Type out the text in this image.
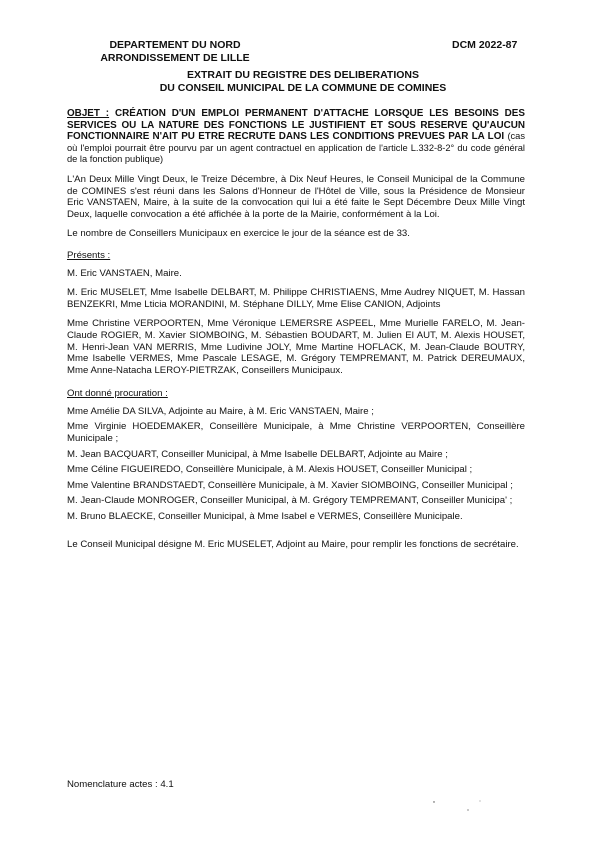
DEPARTEMENT DU NORD
ARRONDISSEMENT DE LILLE
DCM 2022-87
EXTRAIT DU REGISTRE DES DELIBERATIONS
DU CONSEIL MUNICIPAL DE LA COMMUNE DE COMINES

OBJET : CRÉATION D'UN EMPLOI PERMANENT D'ATTACHE LORSQUE LES BESOINS DES SERVICES OU LA NATURE DES FONCTIONS LE JUSTIFIENT ET SOUS RESERVE QU'AUCUN FONCTIONNAIRE N'AIT PU ETRE RECRUTE DANS LES CONDITIONS PREVUES PAR LA LOI (cas où l'emploi pourrait être pourvu par un agent contractuel en application de l'article L.332-8-2° du code général de la fonction publique)

L'An Deux Mille Vingt Deux, le Treize Décembre, à Dix Neuf Heures, le Conseil Municipal de la Commune de COMINES s'est réuni dans les Salons d'Honneur de l'Hôtel de Ville, sous la Présidence de Monsieur Eric VANSTAEN, Maire, à la suite de la convocation qui lui a été faite le Sept Décembre Deux Mille Vingt Deux, laquelle convocation a été affichée à la porte de la Mairie, conformément à la Loi.

Le nombre de Conseillers Municipaux en exercice le jour de la séance est de 33.

Présents :

M. Eric VANSTAEN, Maire.

M. Eric MUSELET, Mme Isabelle DELBART, M. Philippe CHRISTIAENS, Mme Audrey NIQUET, M. Hassan BENZEKRI, Mme Lticia MORANDINI, M. Stéphane DILLY, Mme Elise CANION, Adjoints

Mme Christine VERPOORTEN, Mme Véronique LEMERSRE ASPEEL, Mme Murielle FARELO, M. Jean-Claude ROGIER, M. Xavier SIOMBOING, M. Sébastien BOUDART, M. Julien El AUT, M. Alexis HOUSET, M. Henri-Jean VAN MERRIS, Mme Ludivine JOLY, Mme Martine HOFLACK, M. Jean-Claude BOUTRY, Mme Isabelle VERMES, Mme Pascale LESAGE, M. Grégory TEMPREMANT, M. Patrick DEREUMAUX, Mme Anne-Natacha LEROY-PIETRZAK, Conseillers Municipaux.

Ont donné procuration :

Mme Amélie DA SILVA, Adjointe au Maire, à M. Eric VANSTAEN, Maire ;

Mme Virginie HOEDEMAKER, Conseillère Municipale, à Mme Christine VERPOORTEN, Conseillère Municipale ;

M. Jean BACQUART, Conseiller Municipal, à Mme Isabelle DELBART, Adjointe au Maire ;

Mme Céline FIGUEIREDO, Conseillère Municipale, à M. Alexis HOUSET, Conseiller Municipal ;

Mme Valentine BRANDSTAEDT, Conseillère Municipale, à M. Xavier SIOMBOING, Conseiller Municipal ;

M. Jean-Claude MONROGER, Conseiller Municipal, à M. Grégory TEMPREMANT, Conseiller Municipa' ;

M. Bruno BLAECKE, Conseiller Municipal, à Mme Isabel e VERMES, Conseillère Municipale.

Le Conseil Municipal désigne M. Eric MUSELET, Adjoint au Maire, pour remplir les fonctions de secrétaire.

Nomenclature actes : 4.1
